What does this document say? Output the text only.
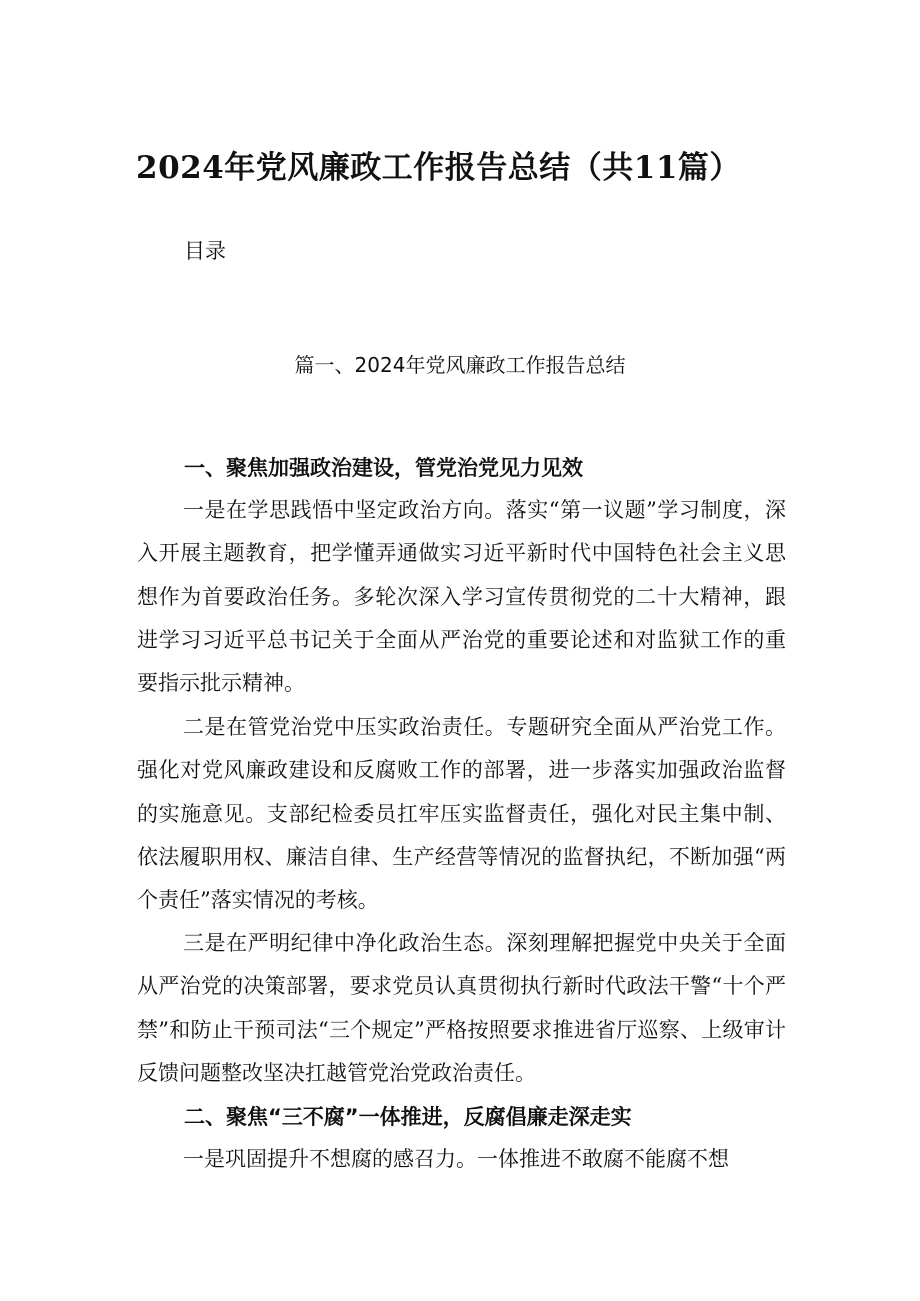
2024年党风廉政工作报告总结（共11篇）
目录
篇一、2024年党风廉政工作报告总结
一、聚焦加强政治建设，管党治党见力见效

一是在学思践悟中坚定政治方向。落实“第一议题”学习制度，深入开展主题教育，把学懂弄通做实习近平新时代中国特色社会主义思想作为首要政治任务。多轮次深入学习宣传贯彻党的二十大精神，跟进学习习近平总书记关于全面从严治党的重要论述和对监狱工作的重要指示批示精神。

二是在管党治党中压实政治责任。专题研究全面从严治党工作。强化对党风廉政建设和反腐败工作的部署，进一步落实加强政治监督的实施意见。支部纪检委员扛牢压实监督责任，强化对民主集中制、依法履职用权、廉洁自律、生产经营等情况的监督执纪，不断加强“两个责任”落实情况的考核。

三是在严明纪律中净化政治生态。深刻理解把握党中央关于全面从严治党的决策部署，要求党员认真贯彻执行新时代政法干警“十个严禁”和防止干预司法“三个规定”严格按照要求推进省厅巡察、上级审计反馈问题整改坚决扛越管党治党政治责任。

二、聚焦“三不腐”一体推进，反腐倡廉走深走实

一是巩固提升不想腐的感召力。一体推进不敢腐不能腐不想
